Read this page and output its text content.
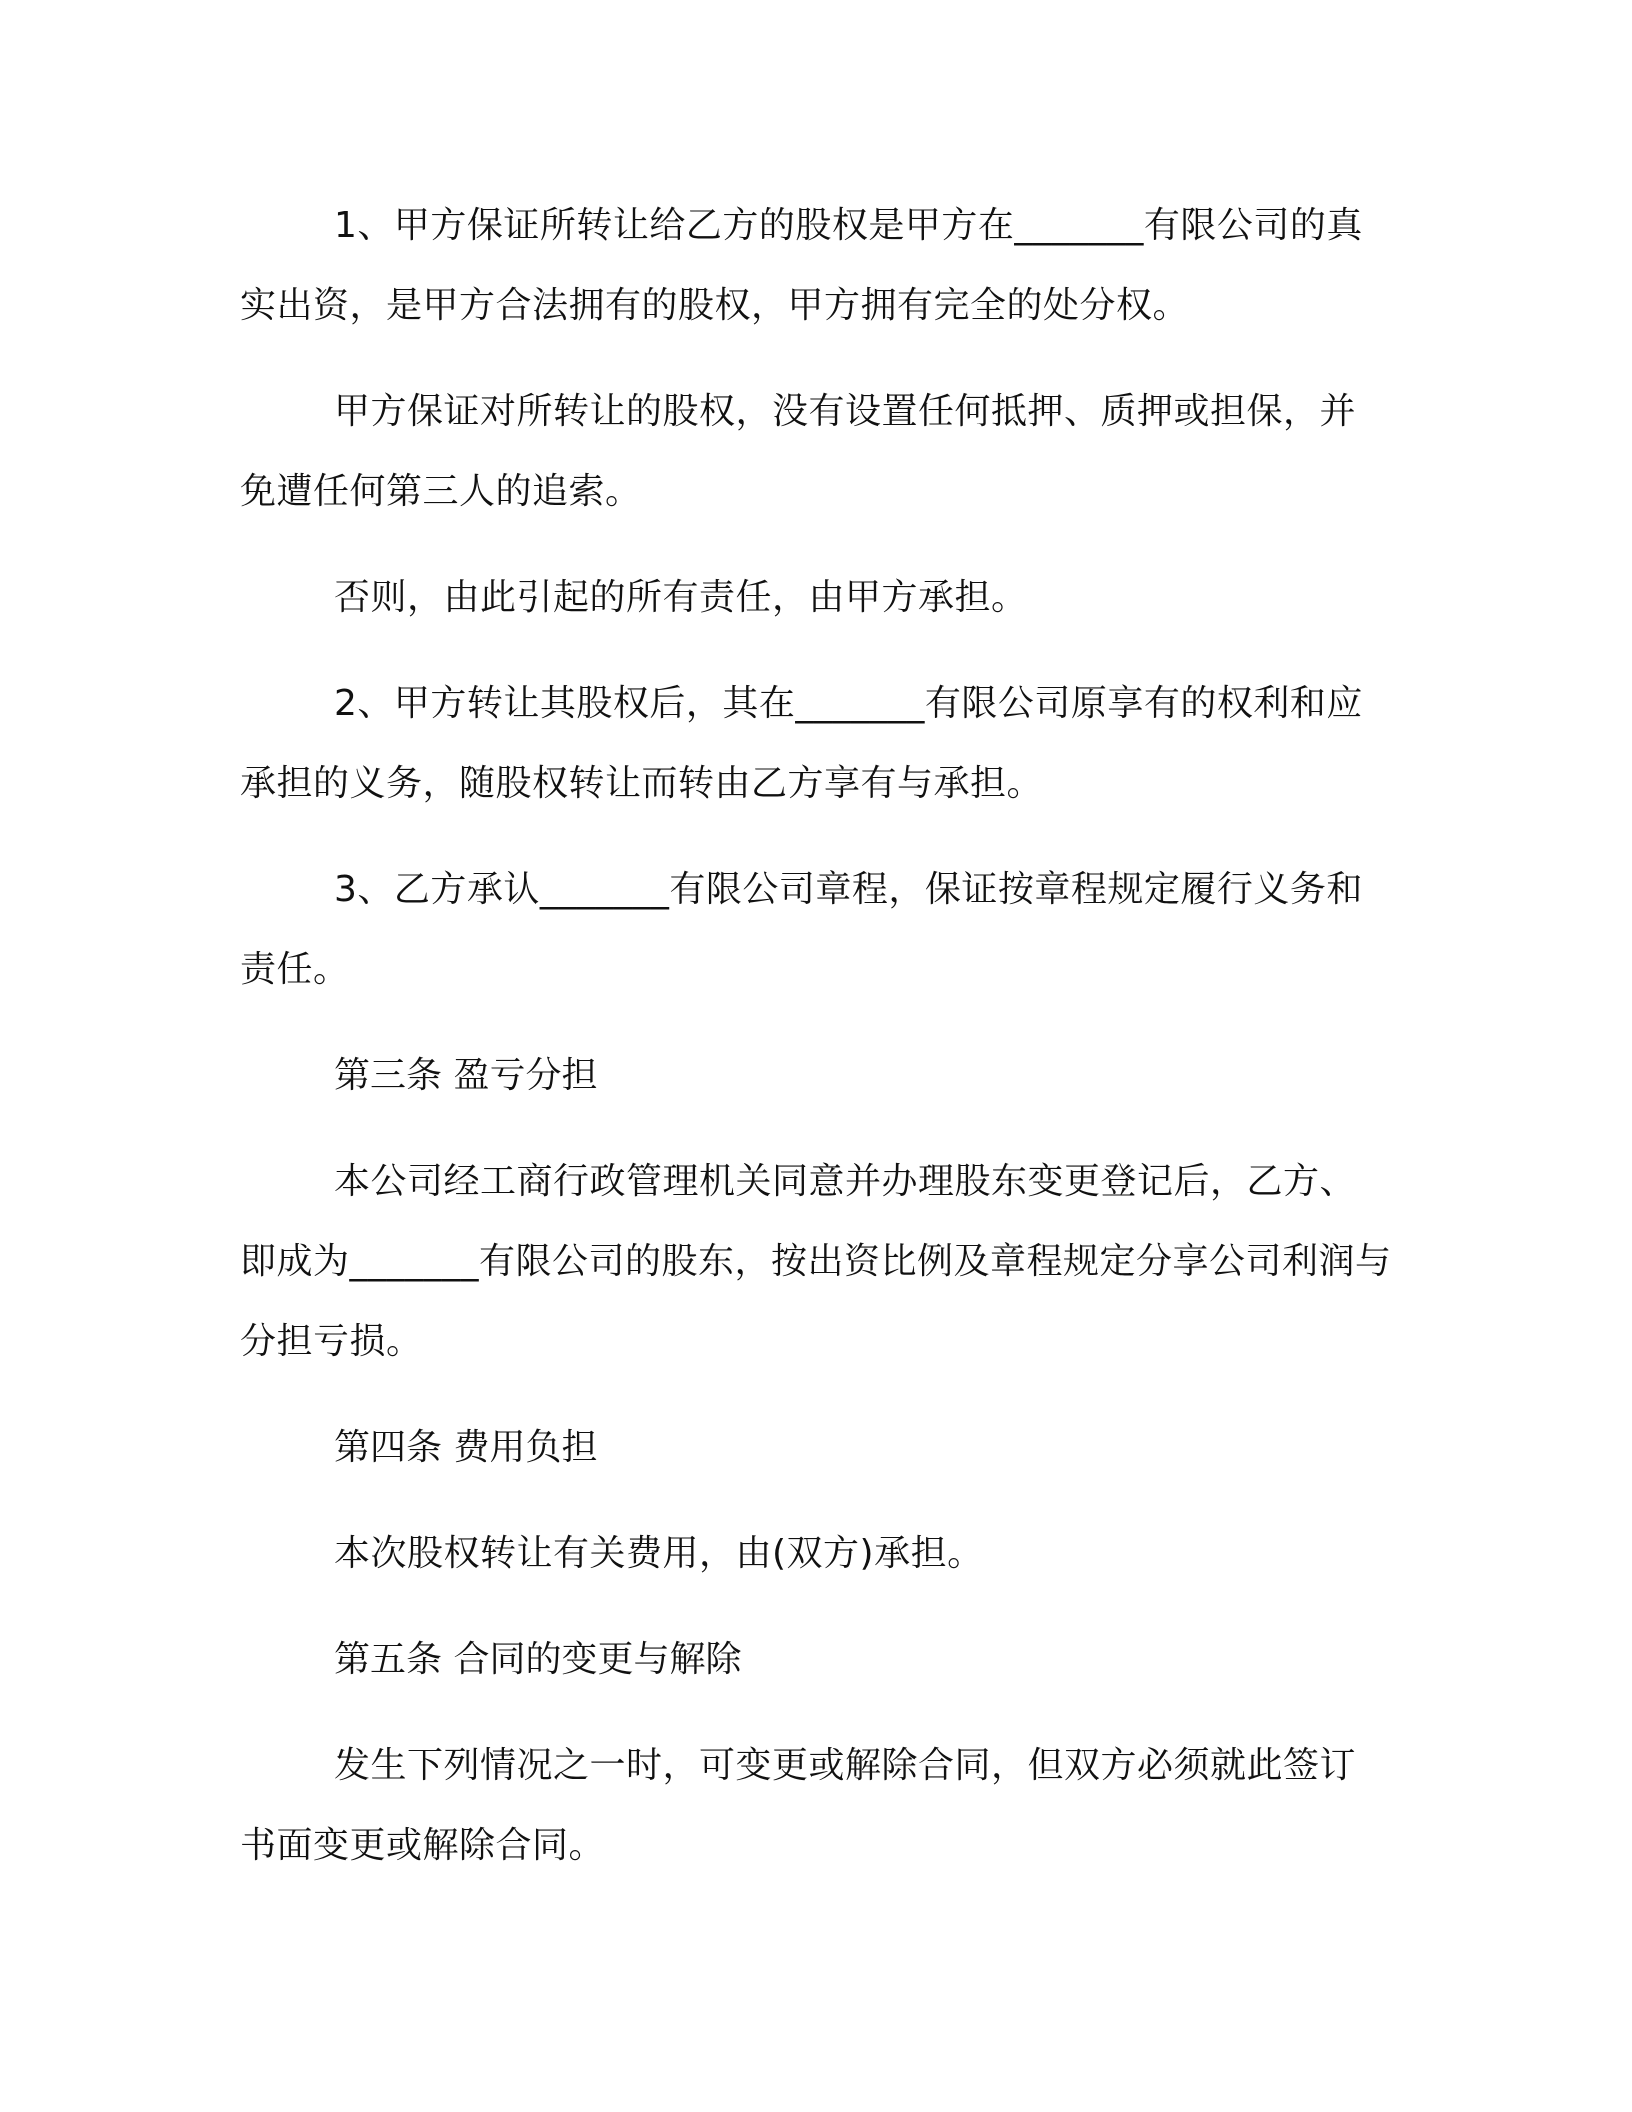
1、甲方保证所转让给乙方的股权是甲方在_______有限公司的真实出资，是甲方合法拥有的股权，甲方拥有完全的处分权。

甲方保证对所转让的股权，没有设置任何抵押、质押或担保，并免遭任何第三人的追索。

否则，由此引起的所有责任，由甲方承担。

2、甲方转让其股权后，其在_______有限公司原享有的权利和应承担的义务，随股权转让而转由乙方享有与承担。

3、乙方承认_______有限公司章程，保证按章程规定履行义务和责任。

第三条 盈亏分担

本公司经工商行政管理机关同意并办理股东变更登记后，乙方、即成为_______有限公司的股东，按出资比例及章程规定分享公司利润与分担亏损。

第四条 费用负担

本次股权转让有关费用，由(双方)承担。

第五条 合同的变更与解除

发生下列情况之一时，可变更或解除合同，但双方必须就此签订书面变更或解除合同。
